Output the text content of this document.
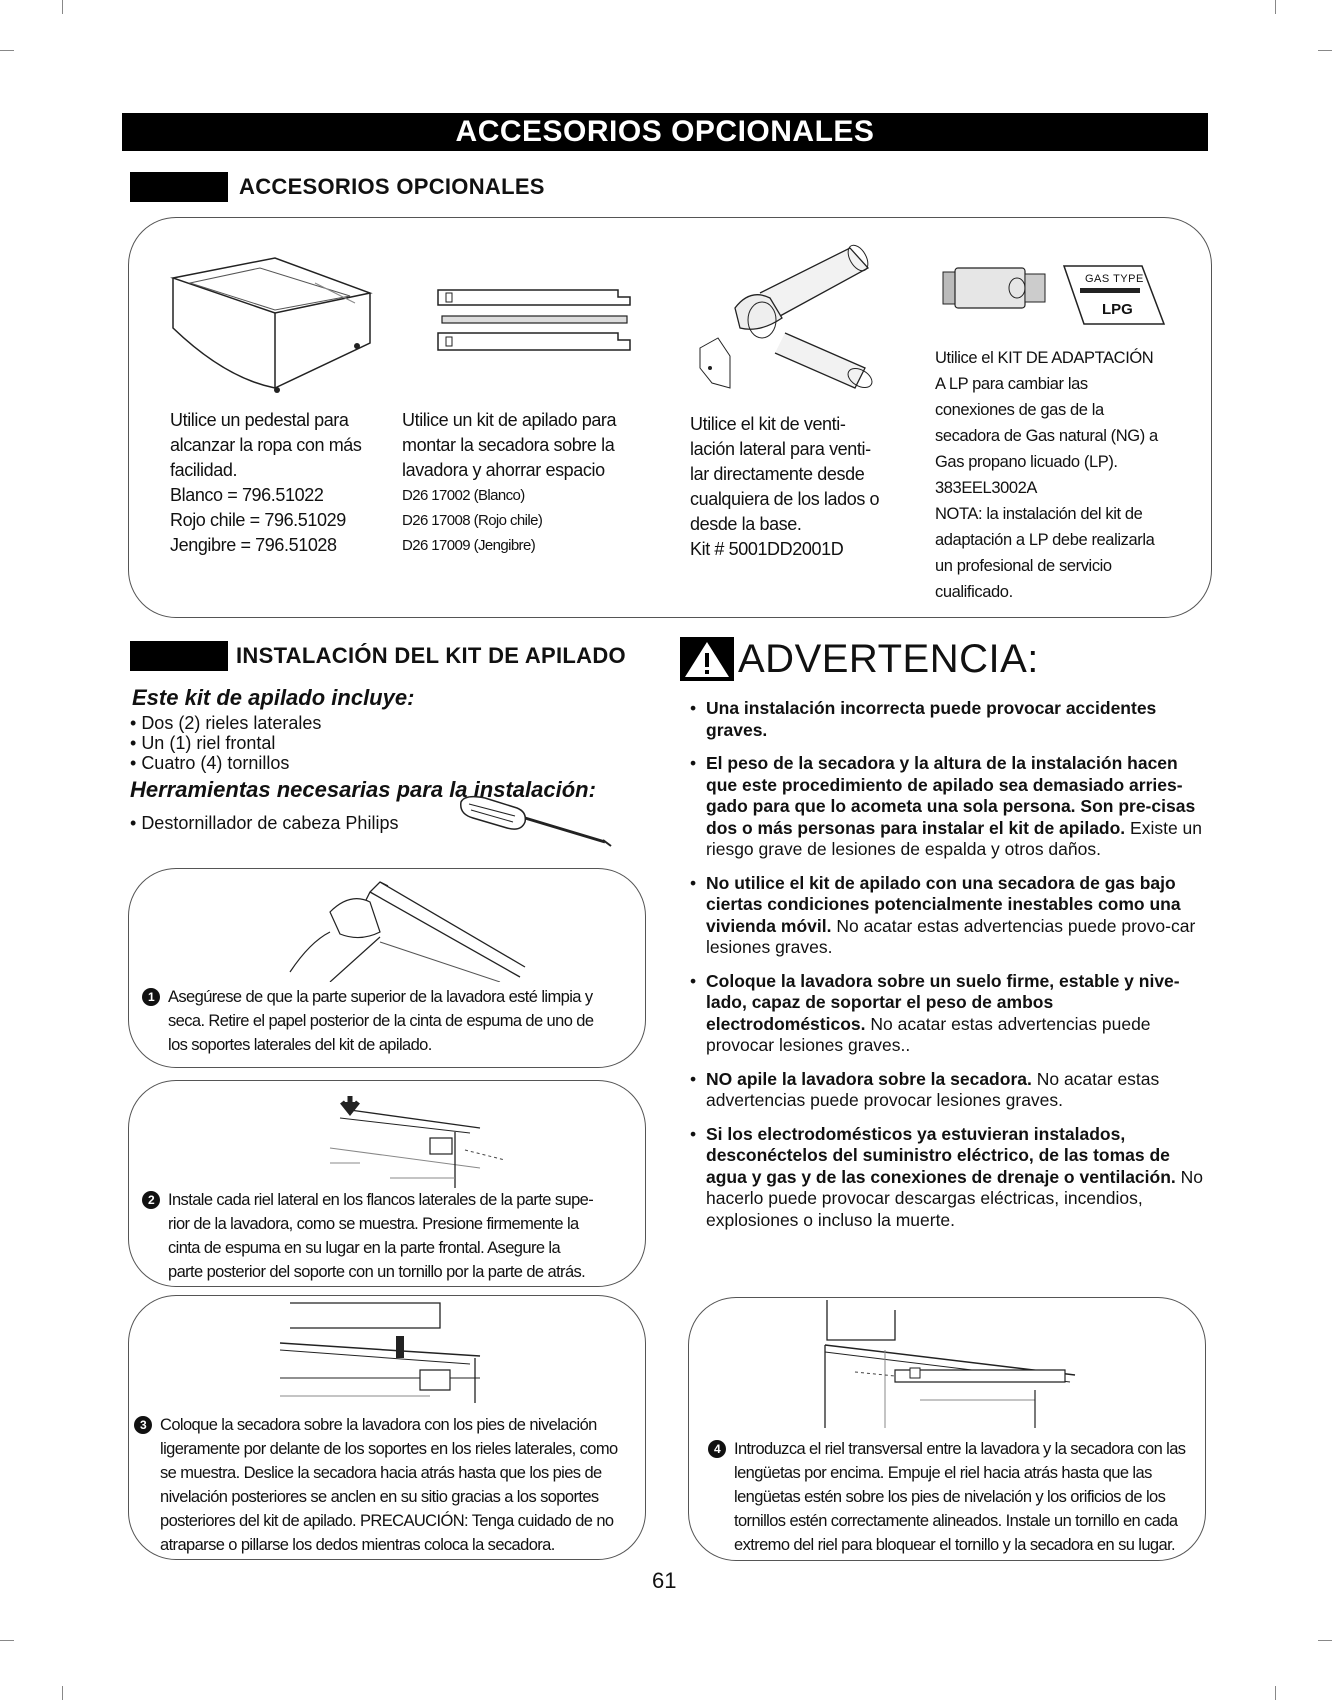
ACCESORIOS OPCIONALES
ACCESORIOS OPCIONALES
GAS TYPE
LPG
Utilice un pedestal para
alcanzar la ropa con más
facilidad.
Blanco = 796.51022
Rojo chile = 796.51029
Jengibre = 796.51028
Utilice un kit de apilado para
montar la secadora sobre la
lavadora y ahorrar espacio
D26 17002 (Blanco)
D26 17008 (Rojo chile)
D26 17009 (Jengibre)
Utilice el kit de venti-
lación lateral para venti-
lar directamente desde
cualquiera de los lados o
desde la base.
Kit # 5001DD2001D
Utilice el KIT DE ADAPTACIÓN
A LP para cambiar las
conexiones de gas de la
secadora de Gas natural (NG) a
Gas propano licuado (LP).
383EEL3002A
NOTA: la instalación del kit de
adaptación a LP debe realizarla
un profesional de servicio
cualificado.
INSTALACIÓN DEL KIT DE APILADO
Este kit de apilado incluye:
• Dos (2) rieles laterales
• Un (1) riel frontal
• Cuatro (4) tornillos
Herramientas necesarias para la instalación:
• Destornillador de cabeza Philips
1 Asegúrese de que la parte superior de la lavadora esté limpia y
seca. Retire el papel posterior de la cinta de espuma de uno de
los soportes laterales del kit de apilado.
2 Instale cada riel lateral en los flancos laterales de la parte supe-
rior de la lavadora, como se muestra. Presione firmemente la
cinta de espuma en su lugar en la parte frontal. Asegure la
parte posterior del soporte con un tornillo por la parte de atrás.
3 Coloque la secadora sobre la lavadora con los pies de nivelación
ligeramente por delante de los soportes en los rieles laterales, como
se muestra. Deslice la secadora hacia atrás hasta que los pies de
nivelación posteriores se anclen en su sitio gracias a los soportes
posteriores del kit de apilado. PRECAUCIÓN: Tenga cuidado de no
atraparse o pillarse los dedos mientras coloca la secadora.
ADVERTENCIA:
• Una instalación incorrecta puede provocar accidentes graves.
• El peso de la secadora y la altura de la instalación hacen que este procedimiento de apilado sea demasiado arries-gado para que lo acometa una sola persona. Son pre-cisas dos o más personas para instalar el kit de apilado. Existe un riesgo grave de lesiones de espalda y otros daños.
• No utilice el kit de apilado con una secadora de gas bajo ciertas condiciones potencialmente inestables como una vivienda móvil. No acatar estas advertencias puede provo-car lesiones graves.
• Coloque la lavadora sobre un suelo firme, estable y nive-lado, capaz de soportar el peso de ambos electrodomésticos. No acatar estas advertencias puede provocar lesiones graves..
• NO apile la lavadora sobre la secadora. No acatar estas advertencias puede provocar lesiones graves.
• Si los electrodomésticos ya estuvieran instalados, desconéctelos del suministro eléctrico, de las tomas de agua y gas y de las conexiones de drenaje o ventilación. No hacerlo puede provocar descargas eléctricas, incendios, explosiones o incluso la muerte.
4 Introduzca el riel transversal entre la lavadora y la secadora con las
lengüetas por encima. Empuje el riel hacia atrás hasta que las
lengüetas estén sobre los pies de nivelación y los orificios de los
tornillos estén correctamente alineados. Instale un tornillo en cada
extremo del riel para bloquear el tornillo y la secadora en su lugar.
61
